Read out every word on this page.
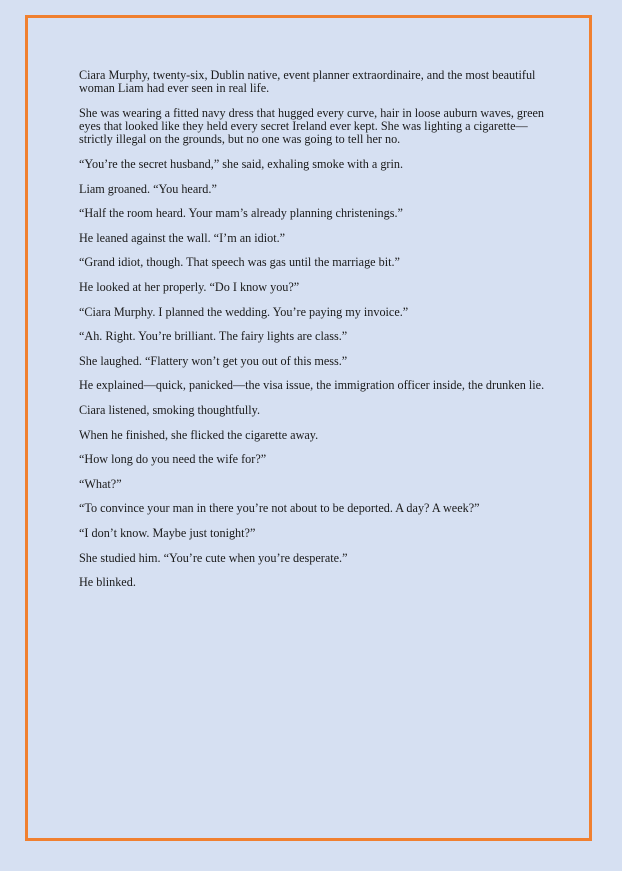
Ciara Murphy, twenty-six, Dublin native, event planner extraordinaire, and the most beautiful woman Liam had ever seen in real life.

She was wearing a fitted navy dress that hugged every curve, hair in loose auburn waves, green eyes that looked like they held every secret Ireland ever kept. She was lighting a cigarette—strictly illegal on the grounds, but no one was going to tell her no.

“You’re the secret husband,” she said, exhaling smoke with a grin.

Liam groaned. “You heard.”

“Half the room heard. Your mam’s already planning christenings.”

He leaned against the wall. “I’m an idiot.”

“Grand idiot, though. That speech was gas until the marriage bit.”

He looked at her properly. “Do I know you?”

“Ciara Murphy. I planned the wedding. You’re paying my invoice.”

“Ah. Right. You’re brilliant. The fairy lights are class.”

She laughed. “Flattery won’t get you out of this mess.”

He explained—quick, panicked—the visa issue, the immigration officer inside, the drunken lie.

Ciara listened, smoking thoughtfully.

When he finished, she flicked the cigarette away.

“How long do you need the wife for?”

“What?”

“To convince your man in there you’re not about to be deported. A day? A week?”

“I don’t know. Maybe just tonight?”

She studied him. “You’re cute when you’re desperate.”

He blinked.
